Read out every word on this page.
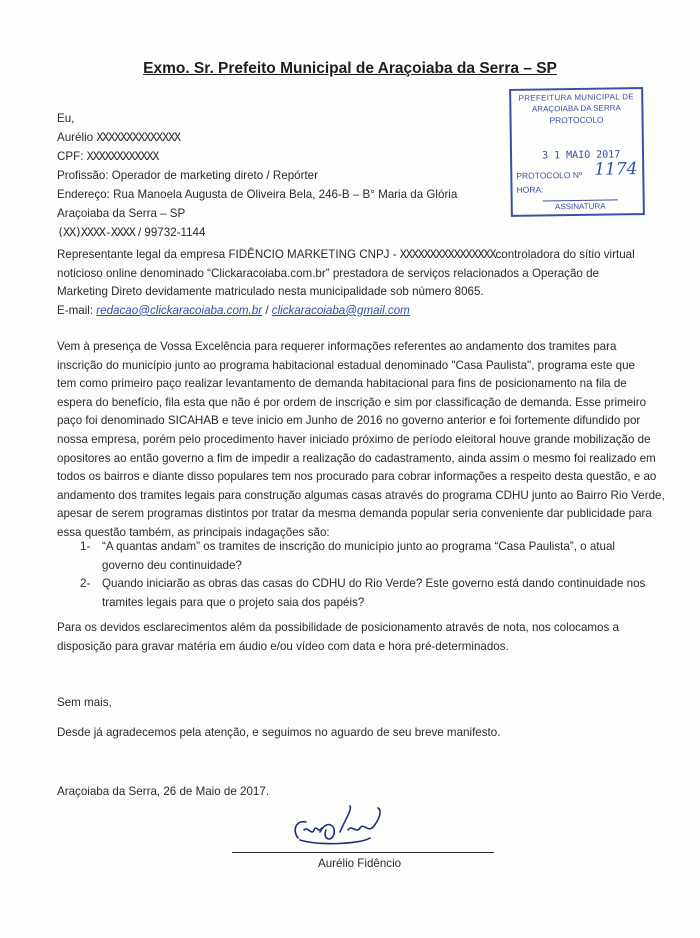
Exmo. Sr. Prefeito Municipal de Araçoiaba da Serra – SP
PREFEITURA MUNICIPAL DE
ARAÇOIABA DA SERRA
PROTOCOLO
3 1 MAIO 2017
PROTOCOLO Nº 1174
HORA:
ASSINATURA
Eu,
Aurélio XXXXXXXXXXXXXX
CPF: XXXXXXXXXXXX
Profissão: Operador de marketing direto / Repórter
Endereço: Rua Manoela Augusta de Oliveira Bela, 246-B – B° Maria da Glória
Araçoiaba da Serra – SP
(XX)XXXX-XXXX / 99732-1144
Representante legal da empresa FIDÊNCIO MARKETING CNPJ - XXXXXXXXXXXXXXXXcontroladora do sítio virtual
noticioso online denominado “Clickaracoiaba.com.br” prestadora de serviços relacionados a Operação de
Marketing Direto devidamente matriculado nesta municipalidade sob número 8065.
E-mail: redacao@clickaracoiaba.com.br / clickaracoiaba@gmail.com
Vem à presença de Vossa Excelência para requerer informações referentes ao andamento dos tramites para
inscrição do município junto ao programa habitacional estadual denominado "Casa Paulista", programa este que
tem como primeiro paço realizar levantamento de demanda habitacional para fins de posicionamento na fila de
espera do benefício, fila esta que não é por ordem de inscrição e sim por classificação de demanda. Esse primeiro
paço foi denominado SICAHAB e teve inicio em Junho de 2016 no governo anterior e foi fortemente difundido por
nossa empresa, porém pelo procedimento haver iniciado próximo de período eleitoral houve grande mobilização de
opositores ao então governo a fim de impedir a realização do cadastramento, ainda assim o mesmo foi realizado em
todos os bairros e diante disso populares tem nos procurado para cobrar informações a respeito desta questão, e ao
andamento dos tramites legais para construção algumas casas através do programa CDHU junto ao Bairro Rio Verde,
apesar de serem programas distintos por tratar da mesma demanda popular seria conveniente dar publicidade para
essa questão também, as principais indagações são:
1- “A quantas andam” os tramites de inscrição do município junto ao programa “Casa Paulista”, o atual
governo deu continuidade?
2- Quando iniciarão as obras das casas do CDHU do Rio Verde? Este governo está dando continuidade nos
tramites legais para que o projeto saia dos papéis?
Para os devidos esclarecimentos além da possibilidade de posicionamento através de nota, nos colocamos a
disposição para gravar matéria em áudio e/ou vídeo com data e hora pré-determinados.
Sem mais,
Desde já agradecemos pela atenção, e seguimos no aguardo de seu breve manifesto.
Araçoiaba da Serra, 26 de Maio de 2017.
Aurélio Fidêncio
